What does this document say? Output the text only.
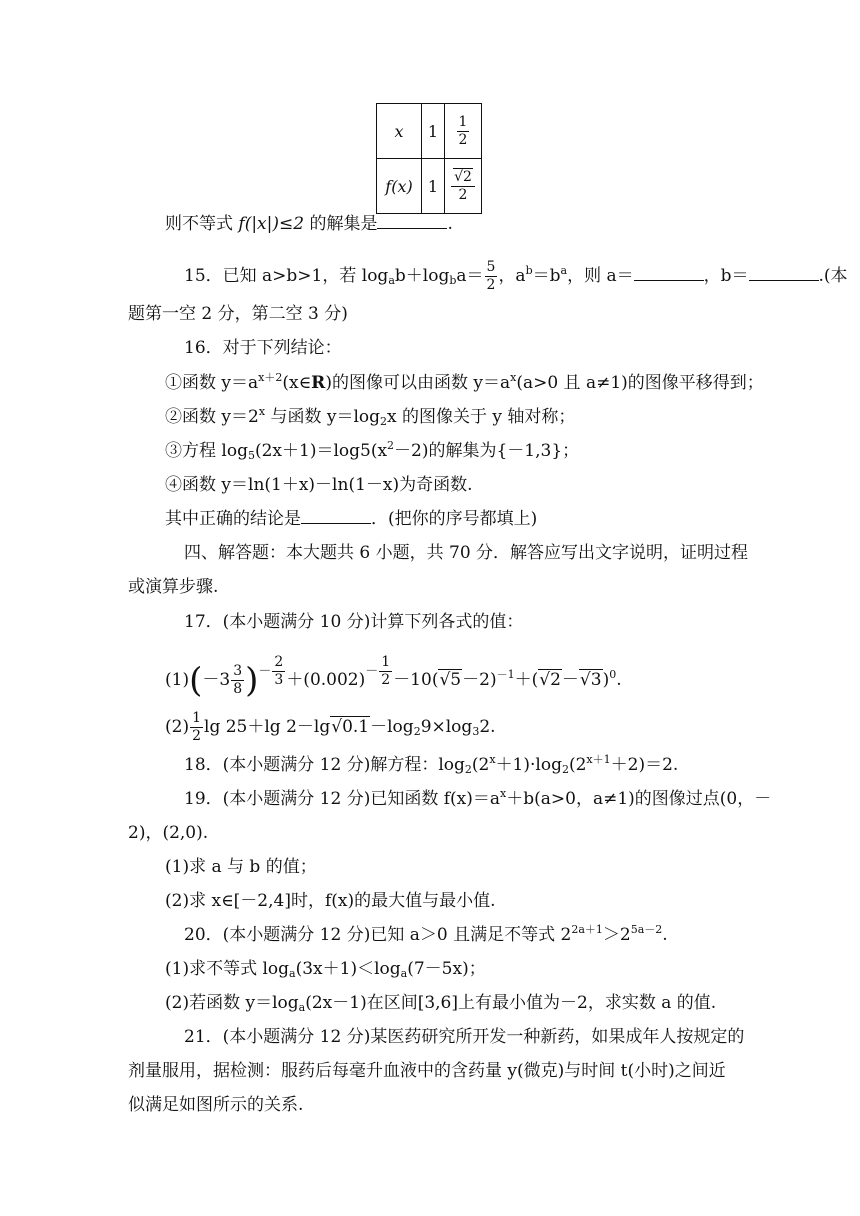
x	1	$\frac{1}{2}$

f(x)	1	√ $\frac{2}{2}$
则不等式 f(|x|)≤2 的解集是	.
15．已知 a>b>1，若 $\log_ab+\log_ba= \frac{5}{2}$ ，$a^b=b^a$，则 a＝	，b＝	.(本
题第一空 2 分，第二空 3 分)
16．对于下列结论：
①函数 $y=a^{x+2}(x\in R)$的图像可以由函数 $y=a^x(a>0$ 且 a≠1)的图像平移得到；
②函数 $y=2^x$ 与函数 $y=\log_2x$ 的图像关于 y 轴对称；
③方程 $\log_5(2x+1)=\log 5(x^2-2)$的解集为{－1,3}；
④函数 y＝ln(1＋x)－ln(1－x)为奇函数.
其中正确的结论是	．(把你的序号都填上)
四、解答题：本大题共 6 小题，共 70 分．解答应写出文字说明，证明过程
或演算步骤.
17．(本小题满分 10 分)计算下列各式的值：
$(1)(-3 \frac{3}{8} )^{- \frac{2}{3}} +(0.002)^{- \frac{1}{2}} -10$( √ 5－2)$^{-1}$＋( √ 2－ √ 3)$^0$.
$(2) \frac{1}{2}$ lg 25＋lg 2－lg √ $0.1-\log_29\times\log_32$.
18．(本小题满分 12 分)解方程：$\log_2(2^x+1)\cdot\log_2(2^{x+1}+2)=2$.
19．(本小题满分 12 分)已知函数 $f(x)=a^x+b(a>0$，a≠1)的图像过点(0，－
2)，(2,0).
(1)求 a 与 b 的值；
(2)求 x∈[－2,4]时，f(x)的最大值与最小值.
20．(本小题满分 12 分)已知 a＞0 且满足不等式 $2^{2a+1}>2^{5a-2}$.
(1)求不等式 $\log_a(3x+1)<\log_a(7-5x)$；
(2)若函数 $y=\log_a(2x-1)$在区间[3,6]上有最小值为－2，求实数 a 的值.
21．(本小题满分 12 分)某医药研究所开发一种新药，如果成年人按规定的
剂量服用，据检测：服药后每毫升血液中的含药量 y(微克)与时间 t(小时)之间近
似满足如图所示的关系.
